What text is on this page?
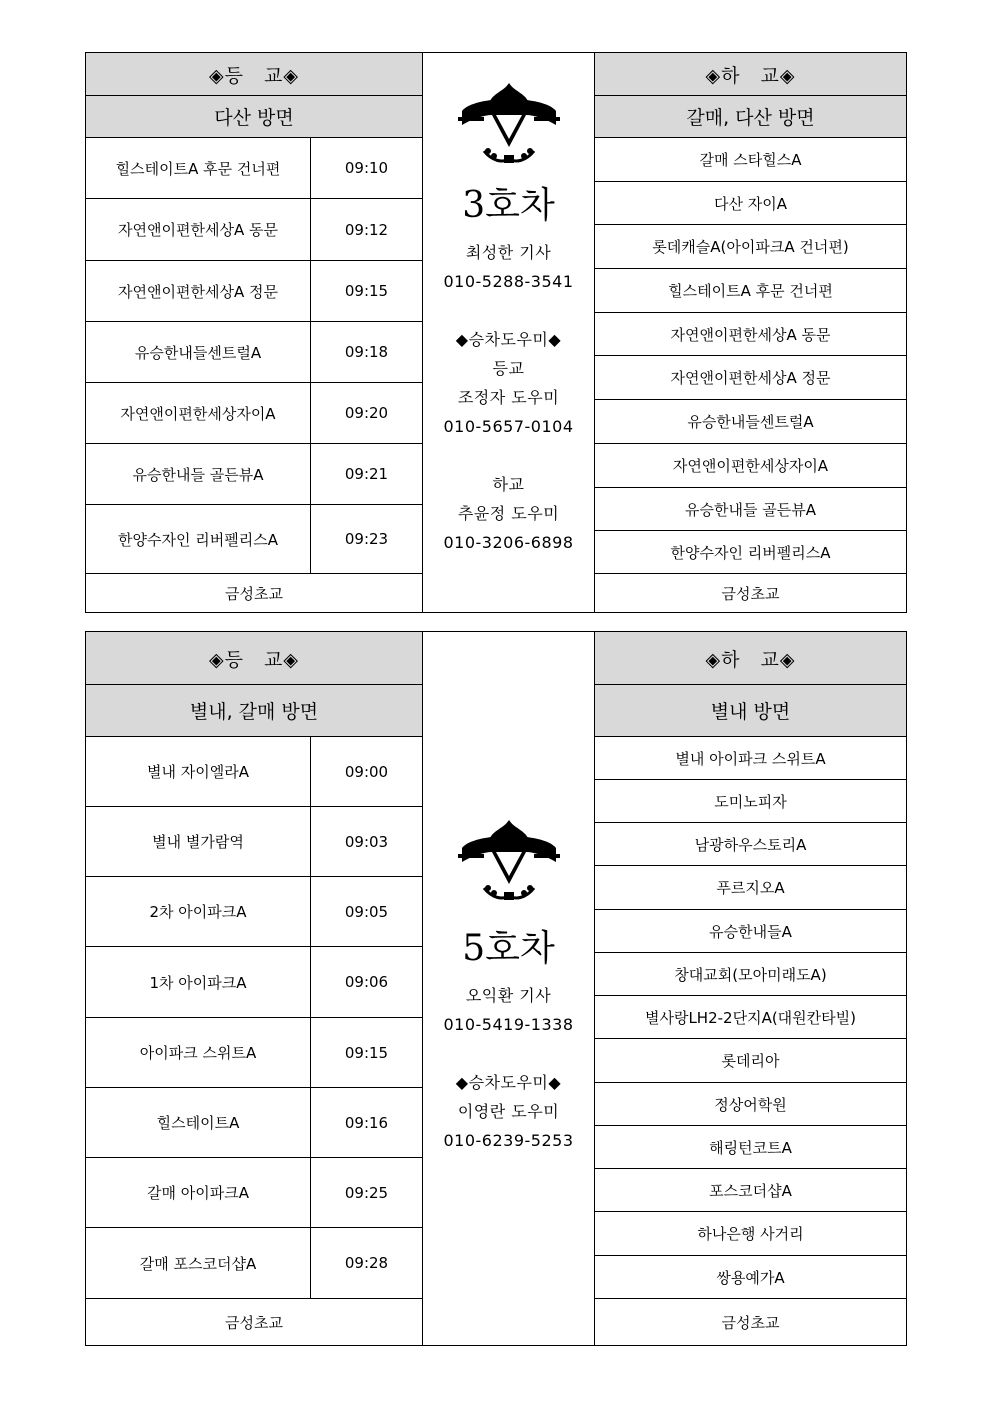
◈등　교◈
다산 방면
힐스테이트A 후문 건너편	09:10
자연앤이편한세상A 동문	09:12
자연앤이편한세상A 정문	09:15
유승한내들센트럴A	09:18
자연앤이편한세상자이A	09:20
유승한내들 골든뷰A	09:21
한양수자인 리버펠리스A	09:23
금성초교
3호차
최성한 기사
010-5288-3541
◆승차도우미◆
등교
조정자 도우미
010-5657-0104
하교
추윤정 도우미
010-3206-6898
◈하　교◈
갈매, 다산 방면
갈매 스타힐스A
다산 자이A
롯데캐슬A(아이파크A 건너편)
힐스테이트A 후문 건너편
자연앤이편한세상A 동문
자연앤이편한세상A 정문
유승한내들센트럴A
자연앤이편한세상자이A
유승한내들 골든뷰A
한양수자인 리버펠리스A
금성초교
◈등　교◈
별내, 갈매 방면
별내 자이엘라A	09:00
별내 별가람역	09:03
2차 아이파크A	09:05
1차 아이파크A	09:06
아이파크 스위트A	09:15
힐스테이트A	09:16
갈매 아이파크A	09:25
갈매 포스코더샵A	09:28
금성초교
5호차
오익환 기사
010-5419-1338
◆승차도우미◆
이영란 도우미
010-6239-5253
◈하　교◈
별내 방면
별내 아이파크 스위트A
도미노피자
남광하우스토리A
푸르지오A
유승한내들A
창대교회(모아미래도A)
별사랑LH2-2단지A(대원칸타빌)
롯데리아
정상어학원
해링턴코트A
포스코더샵A
하나은행 사거리
쌍용예가A
금성초교
